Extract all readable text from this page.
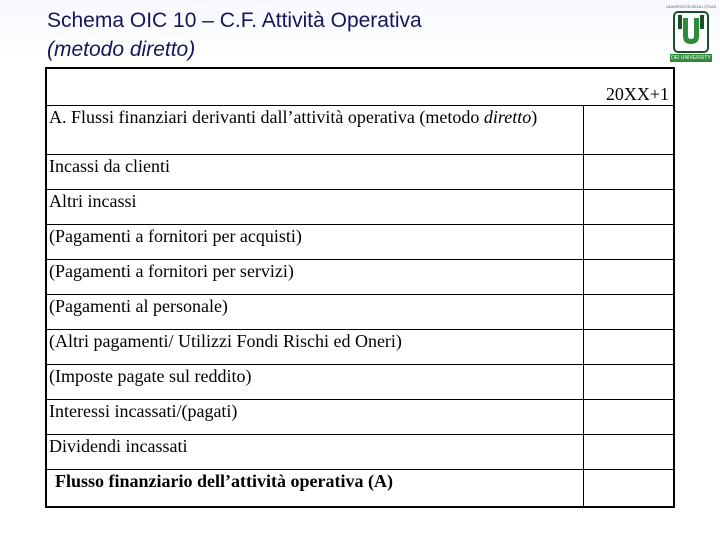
Schema OIC 10 – C.F. Attività Operativa
(metodo diretto)
UNIVERSITÀ DEGLI STUDI
DEI UNIVERSITY
	20XX+1
A. Flussi finanziari derivanti dall’attività operativa (metodo diretto)	
Incassi da clienti	
Altri incassi	
(Pagamenti a fornitori per acquisti)	
(Pagamenti a fornitori per servizi)	
(Pagamenti al personale)	
(Altri pagamenti/ Utilizzi Fondi Rischi ed Oneri)	
(Imposte pagate sul reddito)	
Interessi incassati/(pagati)	
Dividendi incassati	
Flusso finanziario dell’attività operativa (A)	
